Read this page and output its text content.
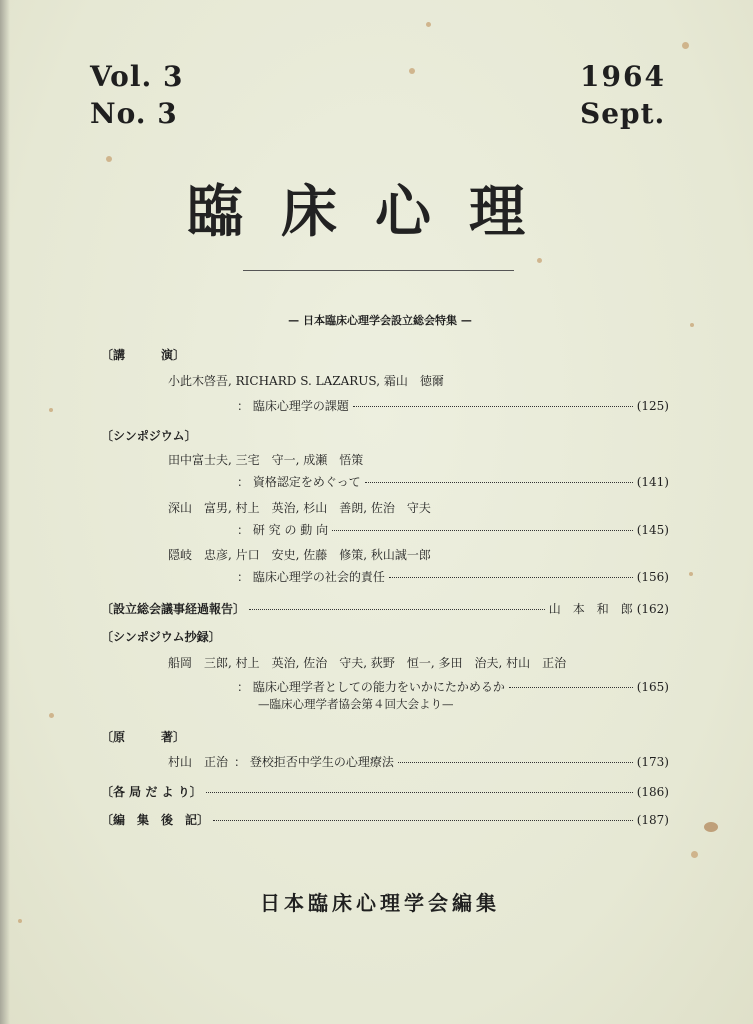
Vol. 3
No. 3
1964
Sept.
臨床心理
— 日本臨床心理学会設立総会特集 —
〔講　　　演〕
小此木啓吾, RICHARD S. LAZARUS, 霜山　徳爾
： 臨床心理学の課題	(125)
〔シンポジウム〕
田中富士夫, 三宅　守一, 成瀬　悟策
： 資格認定をめぐって	(141)
深山　富男, 村上　英治, 杉山　善朗, 佐治　守夫
： 研 究 の 動 向	(145)
隠岐　忠彦, 片口　安史, 佐藤　修策, 秋山誠一郎
： 臨床心理学の社会的責任	(156)
〔設立総会議事経過報告〕	山　本　和　郎 (162)
〔シンポジウム抄録〕
船岡　三郎, 村上　英治, 佐治　守夫, 荻野　恒一, 多田　治夫, 村山　正治
： 臨床心理学者としての能力をいかにたかめるか	(165)
—臨床心理学者協会第４回大会より—
〔原　　　著〕
村山　正治 ： 登校拒否中学生の心理療法	(173)
〔各 局 だ よ り〕	(186)
〔編　集　後　記〕	(187)
日本臨床心理学会編集
